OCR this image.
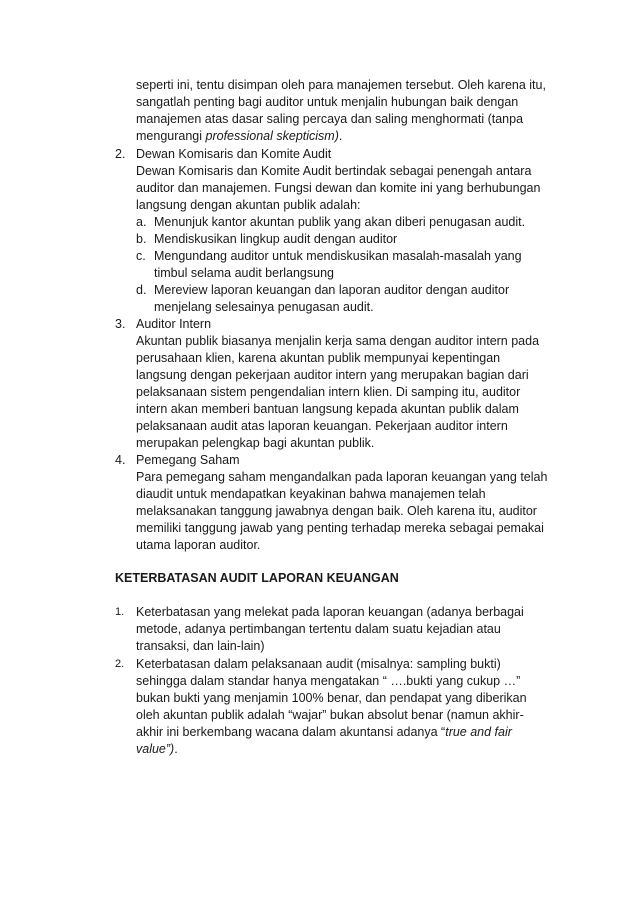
seperti ini, tentu disimpan oleh para manajemen tersebut. Oleh karena itu,
sangatlah penting bagi auditor untuk menjalin hubungan baik dengan
manajemen atas dasar saling percaya dan saling menghormati (tanpa
mengurangi professional skepticism).
2. Dewan Komisaris dan Komite Audit
Dewan Komisaris dan Komite Audit bertindak sebagai penengah antara
auditor dan manajemen. Fungsi dewan dan komite ini yang berhubungan
langsung dengan akuntan publik adalah:
a. Menunjuk kantor akuntan publik yang akan diberi penugasan audit.
b. Mendiskusikan lingkup audit dengan auditor
c. Mengundang auditor untuk mendiskusikan masalah-masalah yang
timbul selama audit berlangsung
d. Mereview laporan keuangan dan laporan auditor dengan auditor
menjelang selesainya penugasan audit.
3. Auditor Intern
Akuntan publik biasanya menjalin kerja sama dengan auditor intern pada
perusahaan klien, karena akuntan publik mempunyai kepentingan
langsung dengan pekerjaan auditor intern yang merupakan bagian dari
pelaksanaan sistem pengendalian intern klien. Di samping itu, auditor
intern akan memberi bantuan langsung kepada akuntan publik dalam
pelaksanaan audit atas laporan keuangan. Pekerjaan auditor intern
merupakan pelengkap bagi akuntan publik.
4. Pemegang Saham
Para pemegang saham mengandalkan pada laporan keuangan yang telah
diaudit untuk mendapatkan keyakinan bahwa manajemen telah
melaksanakan tanggung jawabnya dengan baik. Oleh karena itu, auditor
memiliki tanggung jawab yang penting terhadap mereka sebagai pemakai
utama laporan auditor.
KETERBATASAN AUDIT LAPORAN KEUANGAN
1. Keterbatasan yang melekat pada laporan keuangan (adanya berbagai
metode, adanya pertimbangan tertentu dalam suatu kejadian atau
transaksi, dan lain-lain)
2. Keterbatasan dalam pelaksanaan audit (misalnya: sampling bukti)
sehingga dalam standar hanya mengatakan “ ….bukti yang cukup …”
bukan bukti yang menjamin 100% benar, dan pendapat yang diberikan
oleh akuntan publik adalah “wajar” bukan absolut benar (namun akhir-
akhir ini berkembang wacana dalam akuntansi adanya “true and fair
value”).
